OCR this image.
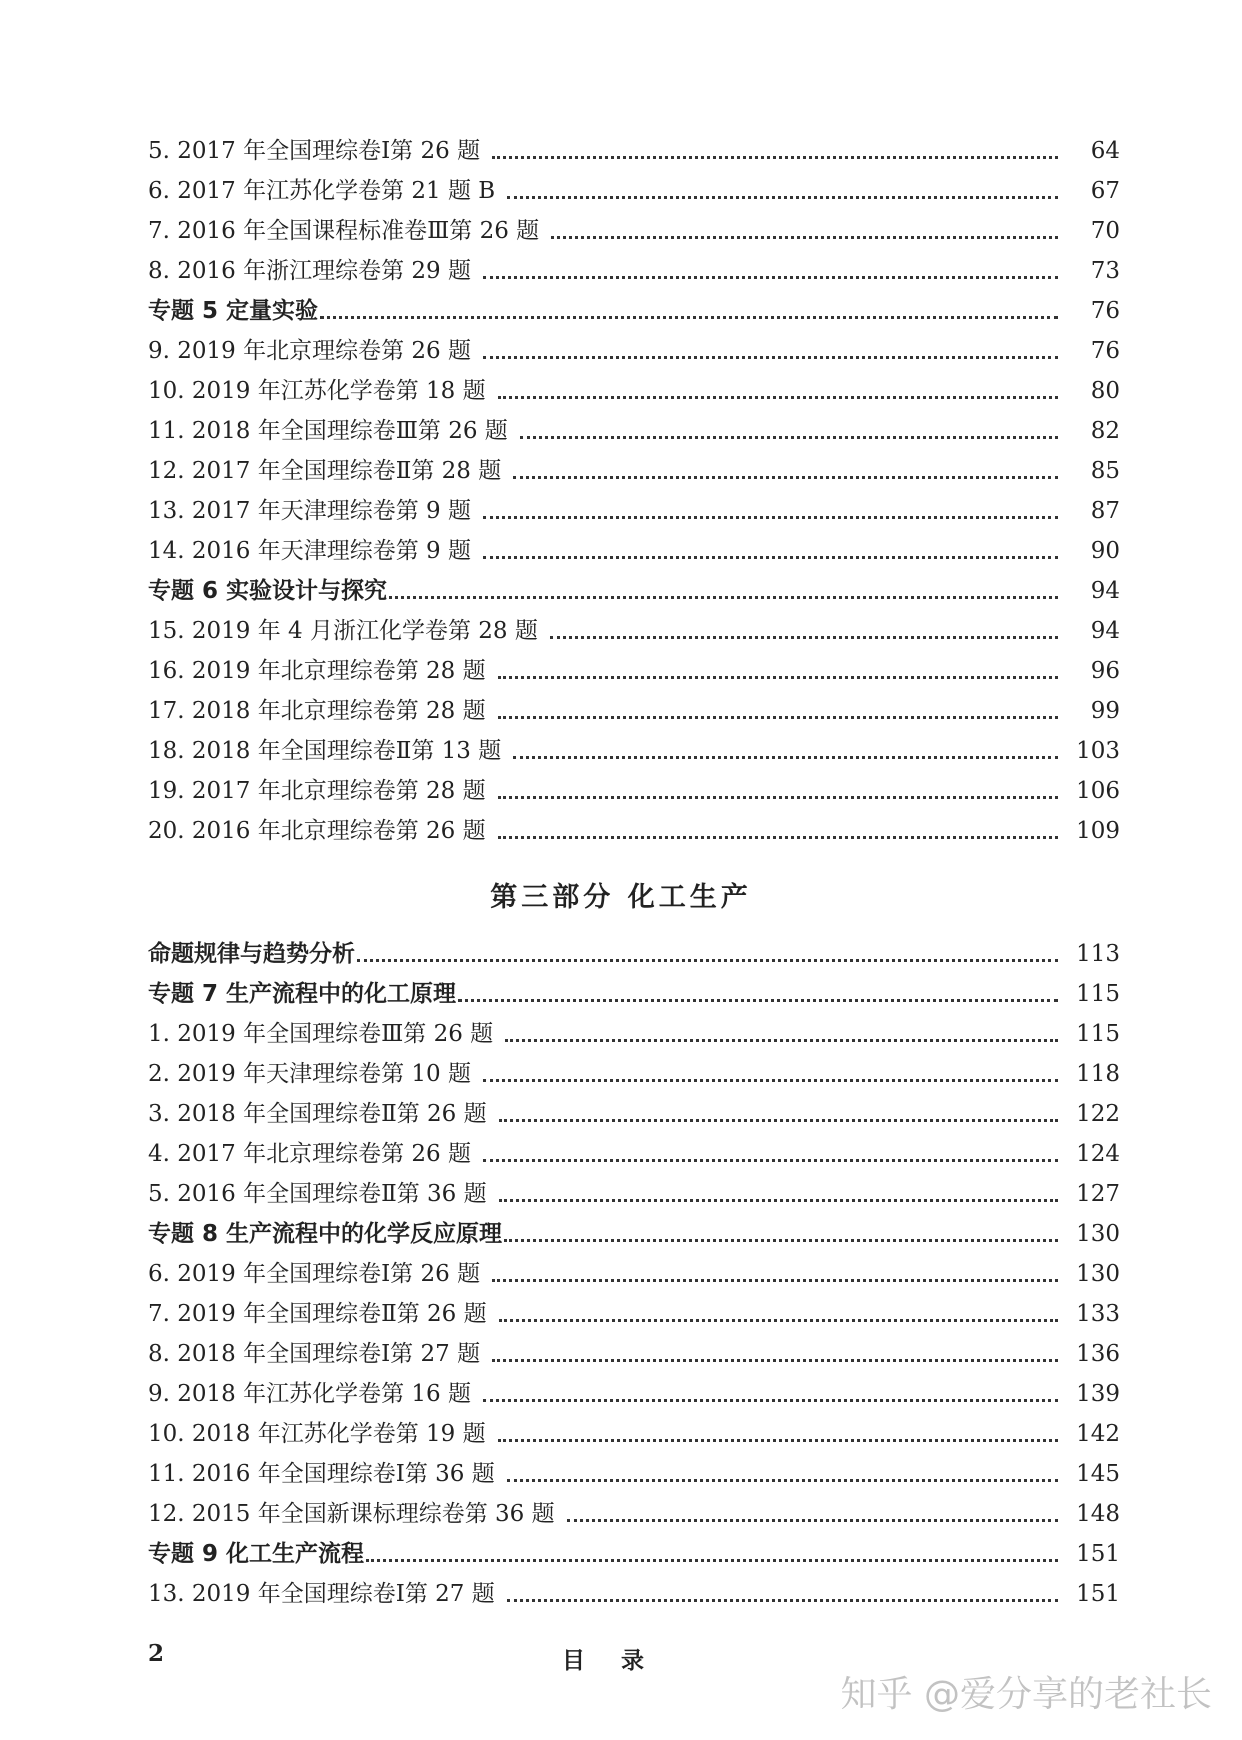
5. 2017 年全国理综卷Ⅰ第 26 题	64
6. 2017 年江苏化学卷第 21 题 B	67
7. 2016 年全国课程标准卷Ⅲ第 26 题	70
8. 2016 年浙江理综卷第 29 题	73
专题 5 定量实验	76
9. 2019 年北京理综卷第 26 题	76
10. 2019 年江苏化学卷第 18 题	80
11. 2018 年全国理综卷Ⅲ第 26 题	82
12. 2017 年全国理综卷Ⅱ第 28 题	85
13. 2017 年天津理综卷第 9 题	87
14. 2016 年天津理综卷第 9 题	90
专题 6 实验设计与探究	94
15. 2019 年 4 月浙江化学卷第 28 题	94
16. 2019 年北京理综卷第 28 题	96
17. 2018 年北京理综卷第 28 题	99
18. 2018 年全国理综卷Ⅱ第 13 题	103
19. 2017 年北京理综卷第 28 题	106
20. 2016 年北京理综卷第 26 题	109
命题规律与趋势分析	113
专题 7 生产流程中的化工原理	115
1. 2019 年全国理综卷Ⅲ第 26 题	115
2. 2019 年天津理综卷第 10 题	118
3. 2018 年全国理综卷Ⅱ第 26 题	122
4. 2017 年北京理综卷第 26 题	124
5. 2016 年全国理综卷Ⅱ第 36 题	127
专题 8 生产流程中的化学反应原理	130
6. 2019 年全国理综卷Ⅰ第 26 题	130
7. 2019 年全国理综卷Ⅱ第 26 题	133
8. 2018 年全国理综卷Ⅰ第 27 题	136
9. 2018 年江苏化学卷第 16 题	139
10. 2018 年江苏化学卷第 19 题	142
11. 2016 年全国理综卷Ⅰ第 36 题	145
12. 2015 年全国新课标理综卷第 36 题	148
专题 9 化工生产流程	151
13. 2019 年全国理综卷Ⅰ第 27 题	151
第三部分 化工生产
2	目录
知乎 @爱分享的老社长
